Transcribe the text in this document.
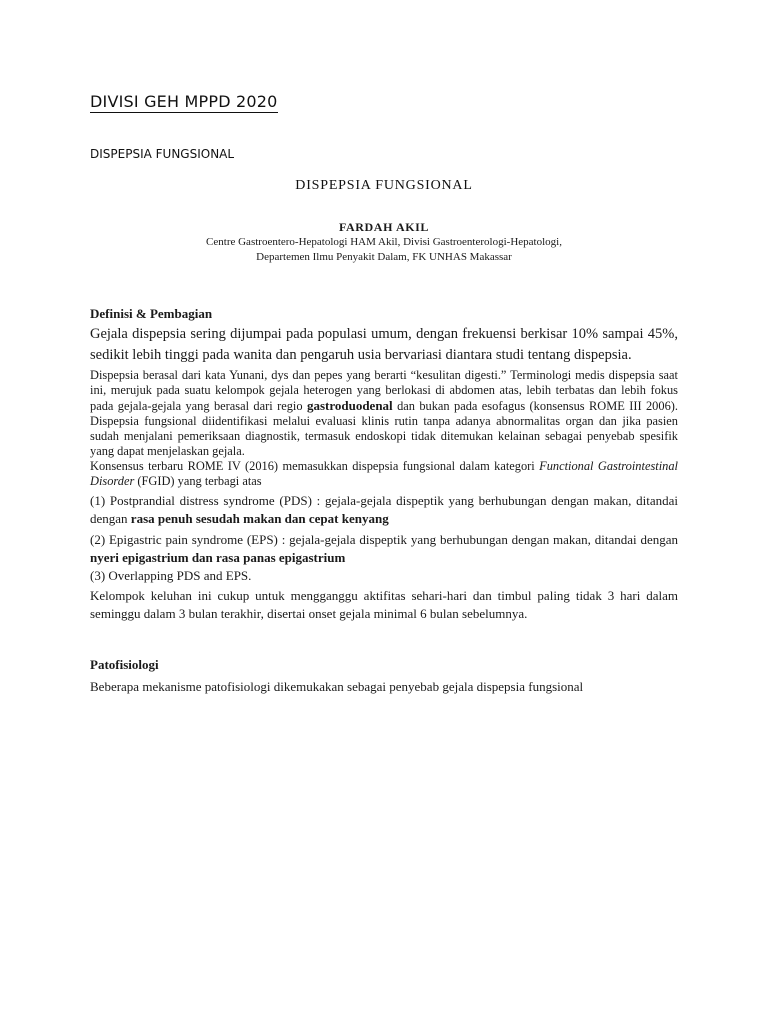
DIVISI GEH MPPD 2020
DISPEPSIA FUNGSIONAL
DISPEPSIA FUNGSIONAL
FARDAH AKIL
Centre Gastroentero-Hepatologi HAM Akil, Divisi Gastroenterologi-Hepatologi,
Departemen Ilmu Penyakit Dalam, FK UNHAS Makassar
Definisi & Pembagian

Gejala dispepsia sering dijumpai pada populasi umum, dengan frekuensi berkisar 10% sampai 45%, sedikit lebih tinggi pada wanita dan pengaruh usia bervariasi diantara studi tentang dispepsia.

Dispepsia berasal dari kata Yunani, dys dan pepes yang berarti “kesulitan digesti.” Terminologi medis dispepsia saat ini, merujuk pada suatu kelompok gejala heterogen yang berlokasi di abdomen atas, lebih terbatas dan lebih fokus pada gejala-gejala yang berasal dari regio gastroduodenal dan bukan pada esofagus (konsensus ROME III 2006). Dispepsia fungsional diidentifikasi melalui evaluasi klinis rutin tanpa adanya abnormalitas organ dan jika pasien sudah menjalani pemeriksaan diagnostik, termasuk endoskopi tidak ditemukan kelainan sebagai penyebab spesifik yang dapat menjelaskan gejala.

Konsensus terbaru ROME IV (2016) memasukkan dispepsia fungsional dalam kategori Functional Gastrointestinal Disorder (FGID) yang terbagi atas

(1) Postprandial distress syndrome (PDS) : gejala-gejala dispeptik yang berhubungan dengan makan, ditandai dengan rasa penuh sesudah makan dan cepat kenyang

(2) Epigastric pain syndrome (EPS) : gejala-gejala dispeptik yang berhubungan dengan makan, ditandai dengan nyeri epigastrium dan rasa panas epigastrium

(3) Overlapping PDS and EPS.

Kelompok keluhan ini cukup untuk mengganggu aktifitas sehari-hari dan timbul paling tidak 3 hari dalam seminggu dalam 3 bulan terakhir, disertai onset gejala minimal 6 bulan sebelumnya.

Patofisiologi

Beberapa mekanisme patofisiologi dikemukakan sebagai penyebab gejala dispepsia fungsional
